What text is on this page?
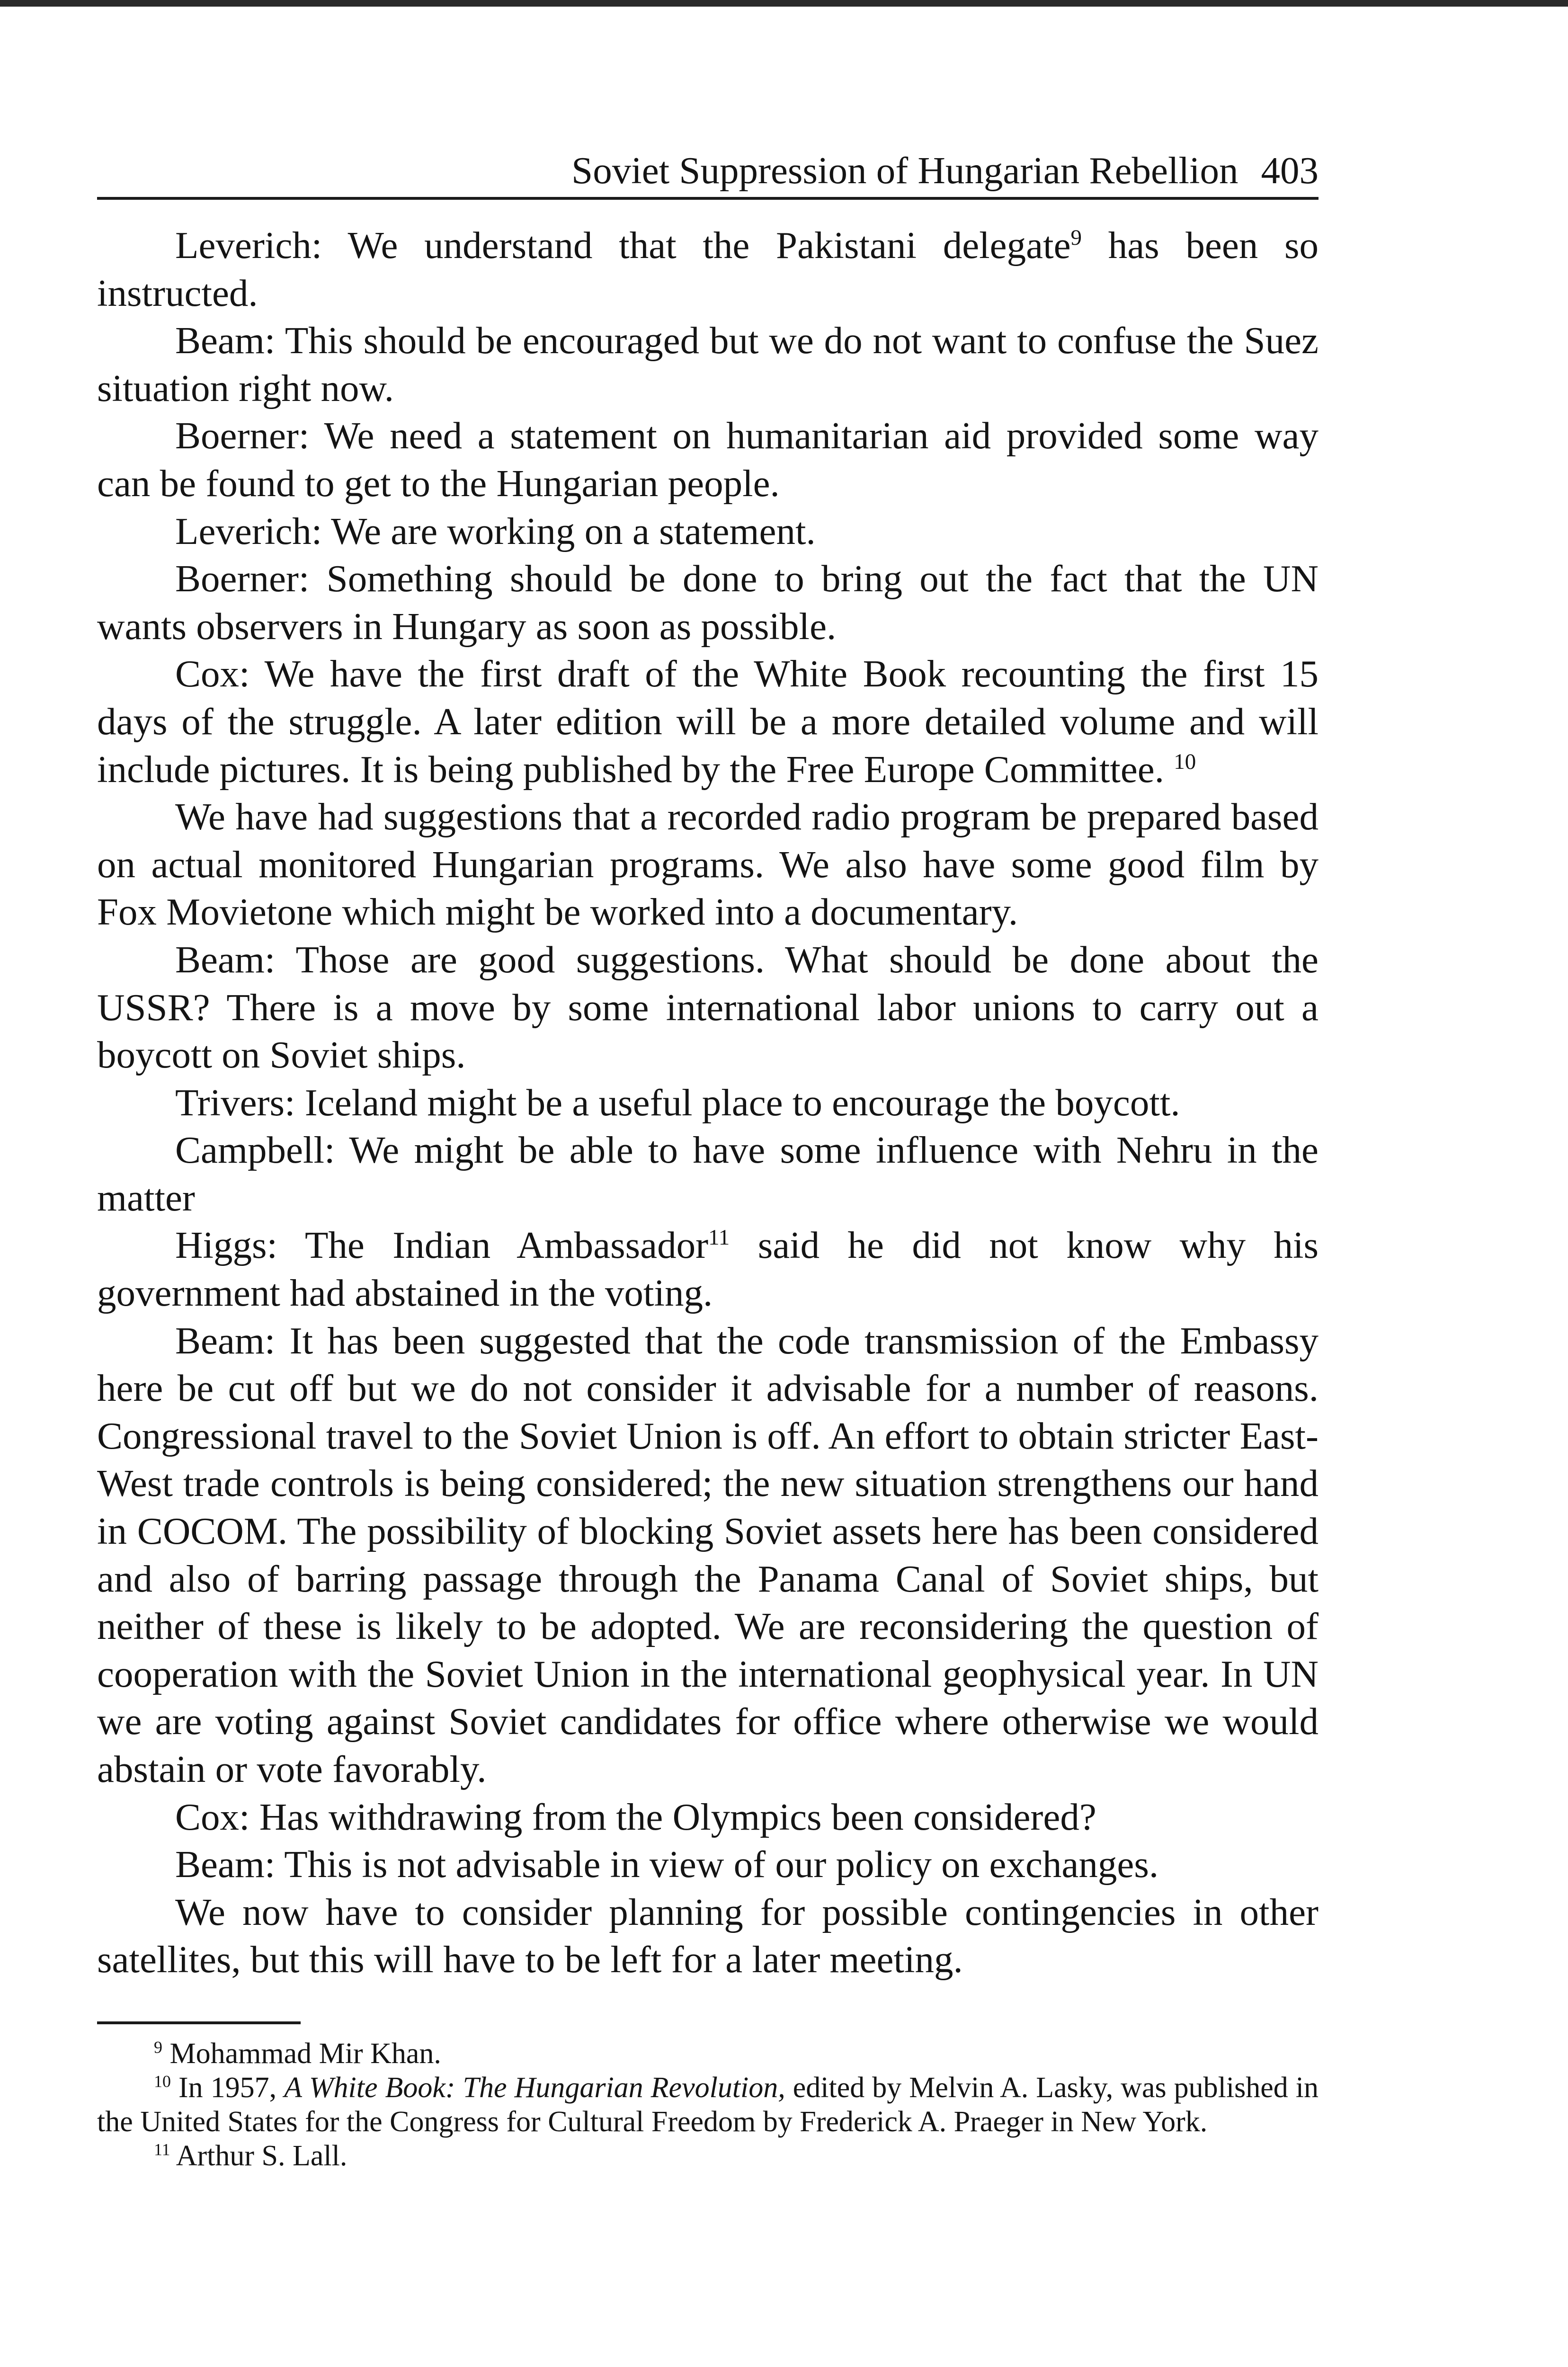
Soviet Suppression of Hungarian Rebellion 403

Leverich: We understand that the Pakistani delegate$^9$ has been so instructed.

Beam: This should be encouraged but we do not want to confuse the Suez situation right now.

Boerner: We need a statement on humanitarian aid provided some way can be found to get to the Hungarian people.

Leverich: We are working on a statement.

Boerner: Something should be done to bring out the fact that the UN wants observers in Hungary as soon as possible.

Cox: We have the first draft of the White Book recounting the first 15 days of the struggle. A later edition will be a more detailed volume and will include pictures. It is being published by the Free Europe Committee. $^{10}$

We have had suggestions that a recorded radio program be prepared based on actual monitored Hungarian programs. We also have some good film by Fox Movietone which might be worked into a documentary.

Beam: Those are good suggestions. What should be done about the USSR? There is a move by some international labor unions to carry out a boycott on Soviet ships.

Trivers: Iceland might be a useful place to encourage the boycott.

Campbell: We might be able to have some influence with Nehru in the matter

Higgs: The Indian Ambassador$^{11}$ said he did not know why his government had abstained in the voting.

Beam: It has been suggested that the code transmission of the Embassy here be cut off but we do not consider it advisable for a number of reasons. Congressional travel to the Soviet Union is off. An effort to obtain stricter East-West trade controls is being considered; the new situation strengthens our hand in COCOM. The possibility of blocking Soviet assets here has been considered and also of barring passage through the Panama Canal of Soviet ships, but neither of these is likely to be adopted. We are reconsidering the question of cooperation with the Soviet Union in the international geophysical year. In UN we are voting against Soviet candidates for office where otherwise we would abstain or vote favorably.

Cox: Has withdrawing from the Olympics been considered?

Beam: This is not advisable in view of our policy on exchanges.

We now have to consider planning for possible contingencies in other satellites, but this will have to be left for a later meeting.

$^9$ Mohammad Mir Khan.

$^{10}$ In 1957, A White Book: The Hungarian Revolution, edited by Melvin A. Lasky, was published in the United States for the Congress for Cultural Freedom by Frederick A. Praeger in New York.

$^{11}$ Arthur S. Lall.
